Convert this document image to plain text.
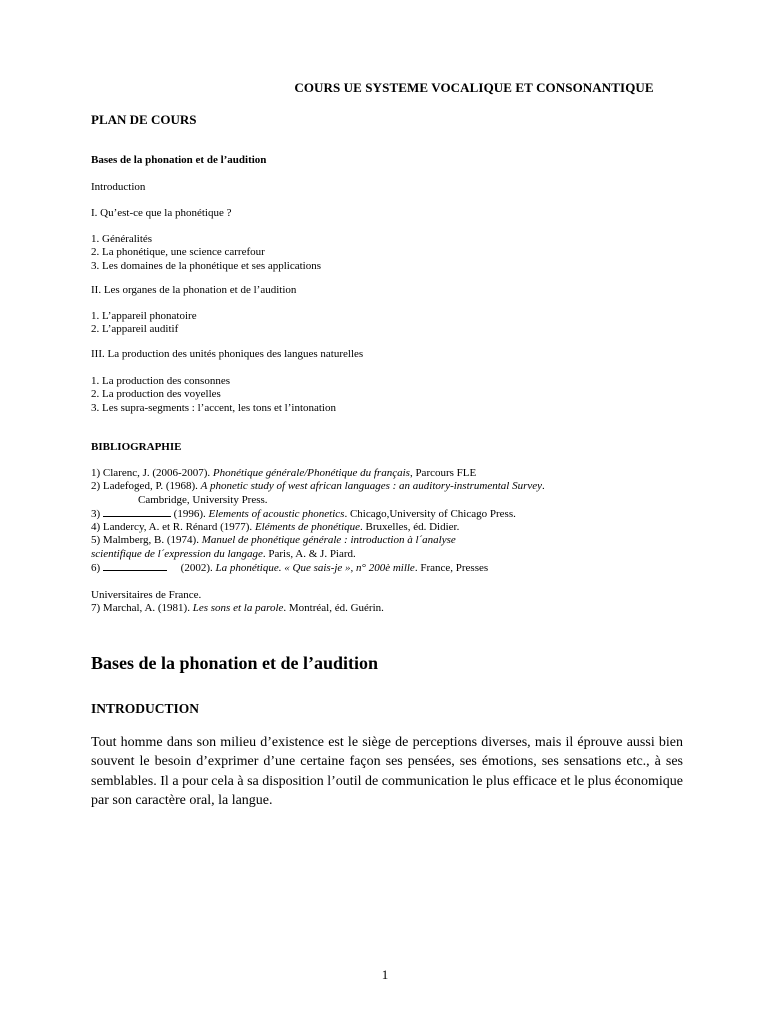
COURS UE SYSTEME VOCALIQUE ET CONSONANTIQUE
PLAN DE COURS
Bases de la phonation et de l’audition
Introduction
I. Qu’est-ce que la phonétique ?
1. Généralités
2. La phonétique, une science carrefour
3. Les domaines de la phonétique et ses applications
II. Les organes de la phonation et de l’audition
1. L’appareil phonatoire
2. L’appareil auditif
III. La production des unités phoniques des langues naturelles
1. La production des consonnes
2. La production des voyelles
3. Les supra-segments : l’accent, les tons et l’intonation
BIBLIOGRAPHIE
1) Clarenc, J. (2006-2007). Phonétique générale/Phonétique du français, Parcours FLE
2) Ladefoged, P. (1968). A phonetic study of west african languages : an auditory-instrumental Survey.
Cambridge, University Press.
3)	(1996). Elements of acoustic phonetics. Chicago,University of Chicago Press.
4) Landercy, A. et R. Rénard (1977). Eléments de phonétique. Bruxelles, éd. Didier.
5) Malmberg, B. (1974). Manuel de phonétique générale : introduction à l´analyse
scientifique de l´expression du langage. Paris, A. & J. Piard.
6)	(2002). La phonétique. « Que sais-je », n° 200è mille. France, Presses
Universitaires de France.
7) Marchal, A. (1981). Les sons et la parole. Montréal, éd. Guérin.
Bases de la phonation et de l’audition
INTRODUCTION
Tout homme dans son milieu d’existence est le siège de perceptions diverses, mais il éprouve aussi bien souvent le besoin d’exprimer d’une certaine façon ses pensées, ses émotions, ses sensations etc., à ses semblables. Il a pour cela à sa disposition l’outil de communication le plus efficace et le plus économique par son caractère oral, la langue.
1
